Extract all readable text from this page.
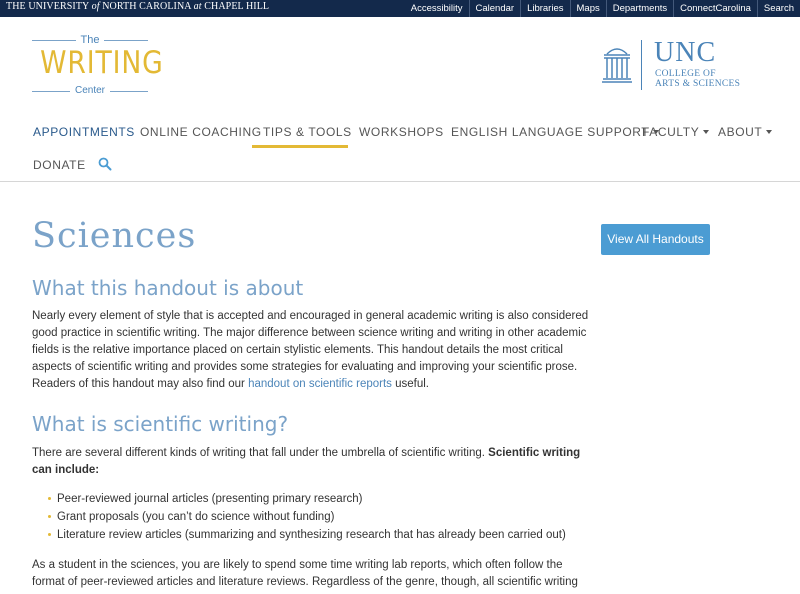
THE UNIVERSITY of NORTH CAROLINA at CHAPEL HILL	Accessibility	Calendar	Libraries	Maps	Departments	ConnectCarolina	Search
The
WRITING
Center
UNC
COLLEGE OF
ARTS & SCIENCES
APPOINTMENTS ONLINE COACHING TIPS & TOOLS WORKSHOPS ENGLISH LANGUAGE SUPPORT
FACULTY	ABOUT
DONATE
Sciences	View All Handouts
What this handout is about
Nearly every element of style that is accepted and encouraged in general academic writing is also considered
good practice in scientific writing. The major difference between science writing and writing in other academic
fields is the relative importance placed on certain stylistic elements. This handout details the most critical
aspects of scientific writing and provides some strategies for evaluating and improving your scientific prose.
Readers of this handout may also find our handout on scientific reports useful.
What is scientific writing?
There are several different kinds of writing that fall under the umbrella of scientific writing. Scientific writing
can include:
Peer-reviewed journal articles (presenting primary research)
Grant proposals (you can’t do science without funding)
Literature review articles (summarizing and synthesizing research that has already been carried out)
As a student in the sciences, you are likely to spend some time writing lab reports, which often follow the
format of peer-reviewed articles and literature reviews. Regardless of the genre, though, all scientific writing
